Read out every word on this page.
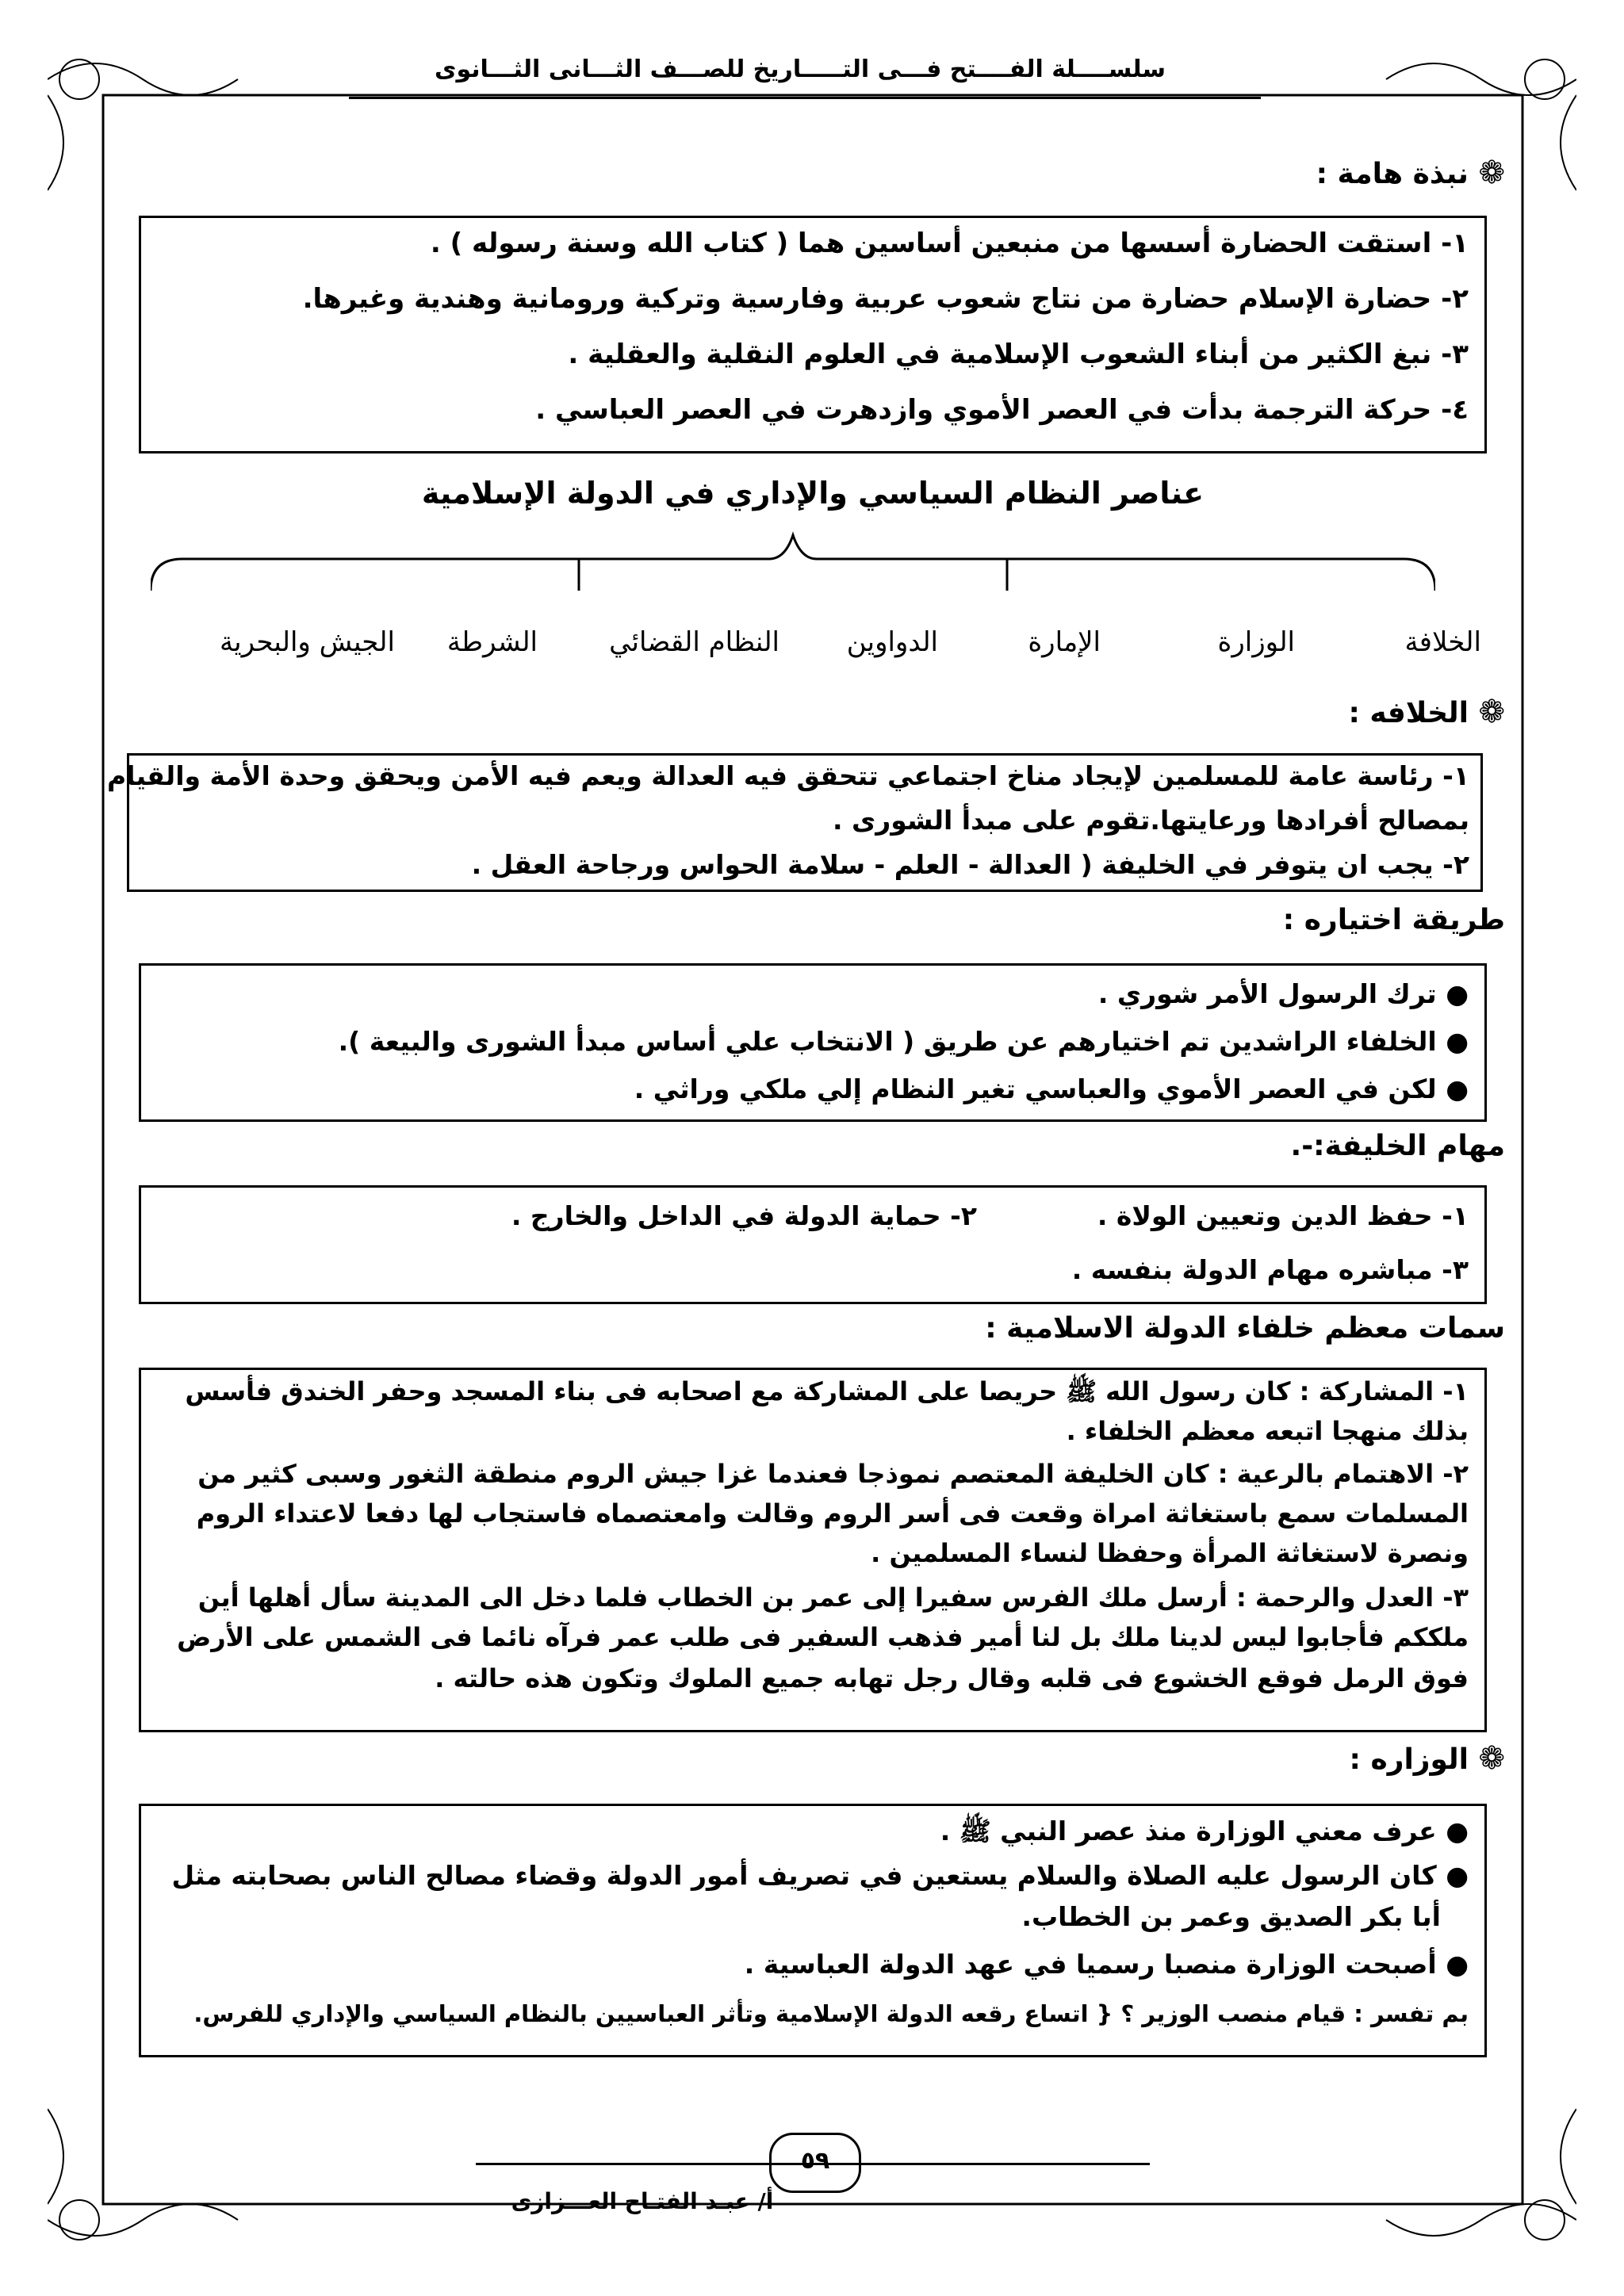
سلســــلة الفــــتح فـــى التـــــاريخ للصـــف الثـــانى الثـــانوى
❁ نبذة هامة :
١- استقت الحضارة أسسها من منبعين أساسين هما ( كتاب الله وسنة رسوله ) .
٢- حضارة الإسلام حضارة من نتاج شعوب عربية وفارسية وتركية ورومانية وهندية وغيرها.
٣- نبغ الكثير من أبناء الشعوب الإسلامية في العلوم النقلية والعقلية .
٤- حركة الترجمة بدأت في العصر الأموي وازدهرت في العصر العباسي .
عناصر النظام السياسي والإداري في الدولة الإسلامية
الخلافة
الوزارة
الإمارة
الدواوين
النظام القضائي
الشرطة
الجيش والبحرية
❁ الخلافه :
١- رئاسة عامة للمسلمين لإيجاد مناخ اجتماعي تتحقق فيه العدالة ويعم فيه الأمن ويحقق وحدة الأمة والقيام
بمصالح أفرادها ورعايتها.تقوم على مبدأ الشورى .
٢- يجب ان يتوفر في الخليفة ( العدالة - العلم - سلامة الحواس ورجاحة العقل .
طريقة اختياره :
● ترك الرسول الأمر شوري .
● الخلفاء الراشدين تم اختيارهم عن طريق ( الانتخاب علي أساس مبدأ الشورى والبيعة ).
● لكن في العصر الأموي والعباسي تغير النظام إلي ملكي وراثي .
مهام الخليفة:-.
١- حفظ الدين وتعيين الولاة .
٢- حماية الدولة في الداخل والخارج .
٣- مباشره مهام الدولة بنفسه .
سمات معظم خلفاء الدولة الاسلامية :
١- المشاركة : كان رسول الله ﷺ حريصا على المشاركة مع اصحابه فى بناء المسجد وحفر الخندق فأسس
بذلك منهجا اتبعه معظم الخلفاء .
٢- الاهتمام بالرعية : كان الخليفة المعتصم نموذجا فعندما غزا جيش الروم منطقة الثغور وسبى كثير من
المسلمات سمع باستغاثة امراة وقعت فى أسر الروم وقالت وامعتصماه فاستجاب لها دفعا لاعتداء الروم
ونصرة لاستغاثة المرأة وحفظا لنساء المسلمين .
٣- العدل والرحمة : أرسل ملك الفرس سفيرا إلى عمر بن الخطاب فلما دخل الى المدينة سأل أهلها أين
ملككم فأجابوا ليس لدينا ملك بل لنا أمير فذهب السفير فى طلب عمر فرآه نائما فى الشمس على الأرض
فوق الرمل فوقع الخشوع فى قلبه وقال رجل تهابه جميع الملوك وتكون هذه حالته .
❁ الوزاره :
● عرف معني الوزارة منذ عصر النبي ﷺ .
● كان الرسول عليه الصلاة والسلام يستعين في تصريف أمور الدولة وقضاء مصالح الناس بصحابته مثل
أبا بكر الصديق وعمر بن الخطاب.
● أصبحت الوزارة منصبا رسميا في عهد الدولة العباسية .
بم تفسر : قيام منصب الوزير ؟ { اتساع رقعه الدولة الإسلامية وتأثر العباسيين بالنظام السياسي والإداري للفرس.
٥٩
أ/ عبـد الفتـاح العـــزازى
